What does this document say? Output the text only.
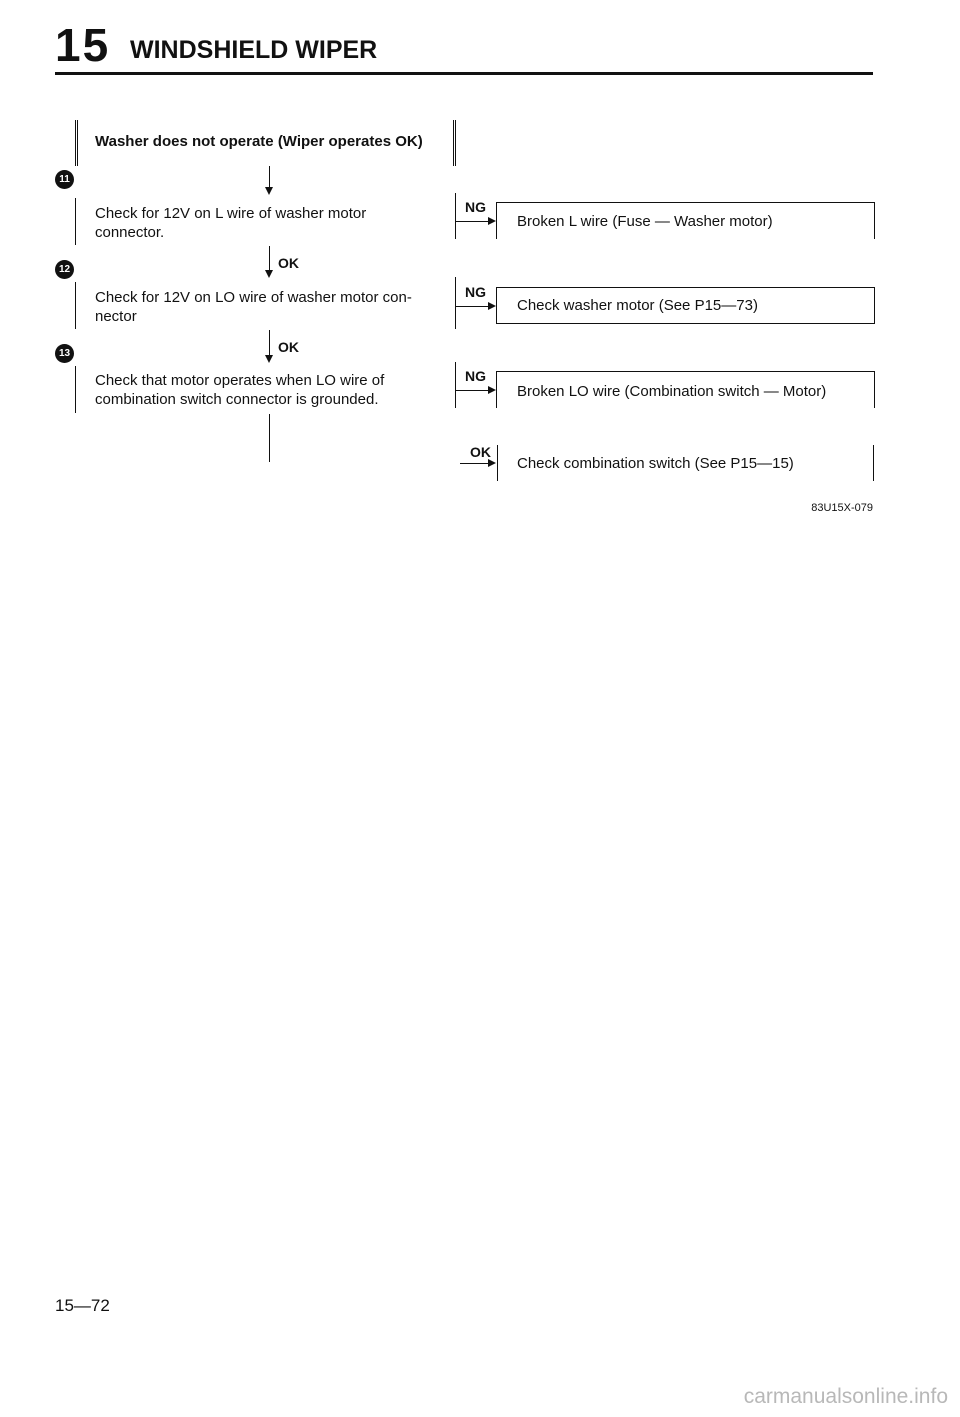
15 WINDSHIELD WIPER
Washer does not operate (Wiper operates OK)
11
Check for 12V on L wire of washer motor connector.
OK
12
Check for 12V on LO wire of washer motor connector
OK
13
Check that motor operates when LO wire of combination switch connector is grounded.
NG
Broken L wire (Fuse — Washer motor)
NG
Check washer motor (See P15—73)
NG
Broken LO wire (Combination switch — Motor)
OK
Check combination switch (See P15—15)
83U15X-079
15—72
carmanualsonline.info
